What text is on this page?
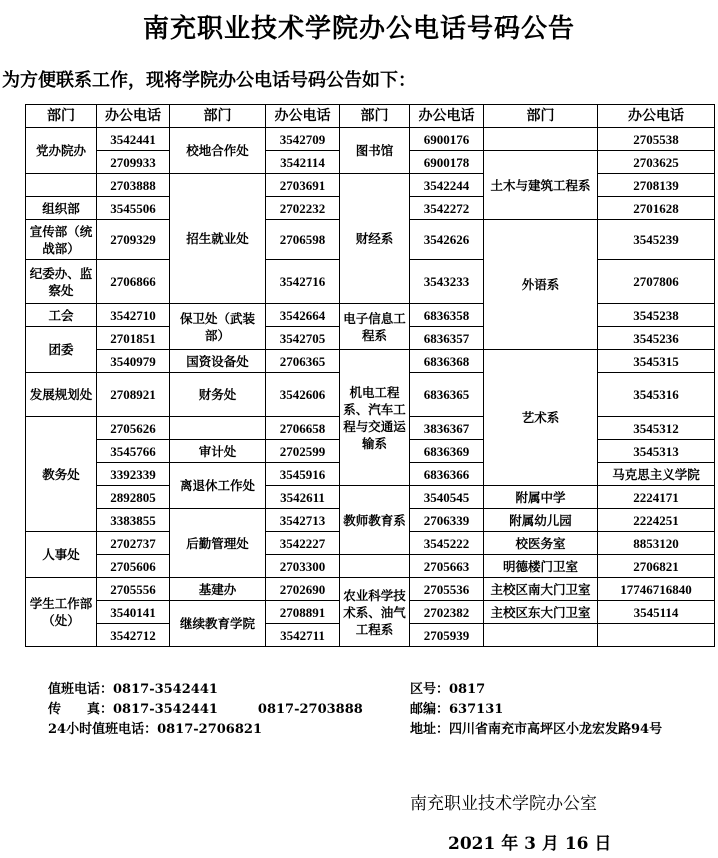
南充职业技术学院办公电话号码公告
为方便联系工作，现将学院办公电话号码公告如下：
部门	办公电话	部门	办公电话	部门	办公电话	部门	办公电话	
党办院办	3542441	校地合作处	3542709	图书馆	6900176		2705538	
	2709933		3542114		6900178	土木与建筑工程系	2703625	
	2703888	招生就业处	2703691	财经系	3542244		2708139	
组织部	3545506		2702232		3542272		2701628	
宣传部（统战部）	2709329		2706598		3542626	外语系	3545239	
纪委办、监察处	2706866		3542716		3543233		2707806	
工会	3542710	保卫处（武装部）	3542664	电子信息工程系	6836358		3545238	
团委	2701851		3542705		6836357		3545236	
	3540979	国资设备处	2706365	机电工程系、汽车工程与交通运输系	6836368	艺术系	3545315	
发展规划处	2708921	财务处	3542606		6836365		3545316	
教务处	2705626		2706658		3836367		3545312	
	3545766	审计处	2702599		6836369		3545313	
	3392339	离退休工作处	3545916		6836366		马克思主义学院	
	2892805		3542611	教师教育系	3540545	附属中学	2224171	
	3383855	后勤管理处	3542713		2706339	附属幼儿园	2224251	
人事处	2702737		3542227		3545222	校医务室	8853120	
	2705606		2703300		2705663	明德楼门卫室	2706821	
学生工作部（处）	2705556	基建办	2702690	农业科学技术系、油气工程系	2705536	主校区南大门卫室	17746716840	
	3540141	继续教育学院	2708891		2702382	主校区东大门卫室	3545114	
	3542712		3542711		2705939			
值班电话：0817-3542441
传　　真：0817-3542441	0817-2703888
24小时值班电话：0817-2706821
区号：0817
邮编：637131
地址：四川省南充市高坪区小龙宏发路94号
南充职业技术学院办公室
2021 年 3 月 16 日
